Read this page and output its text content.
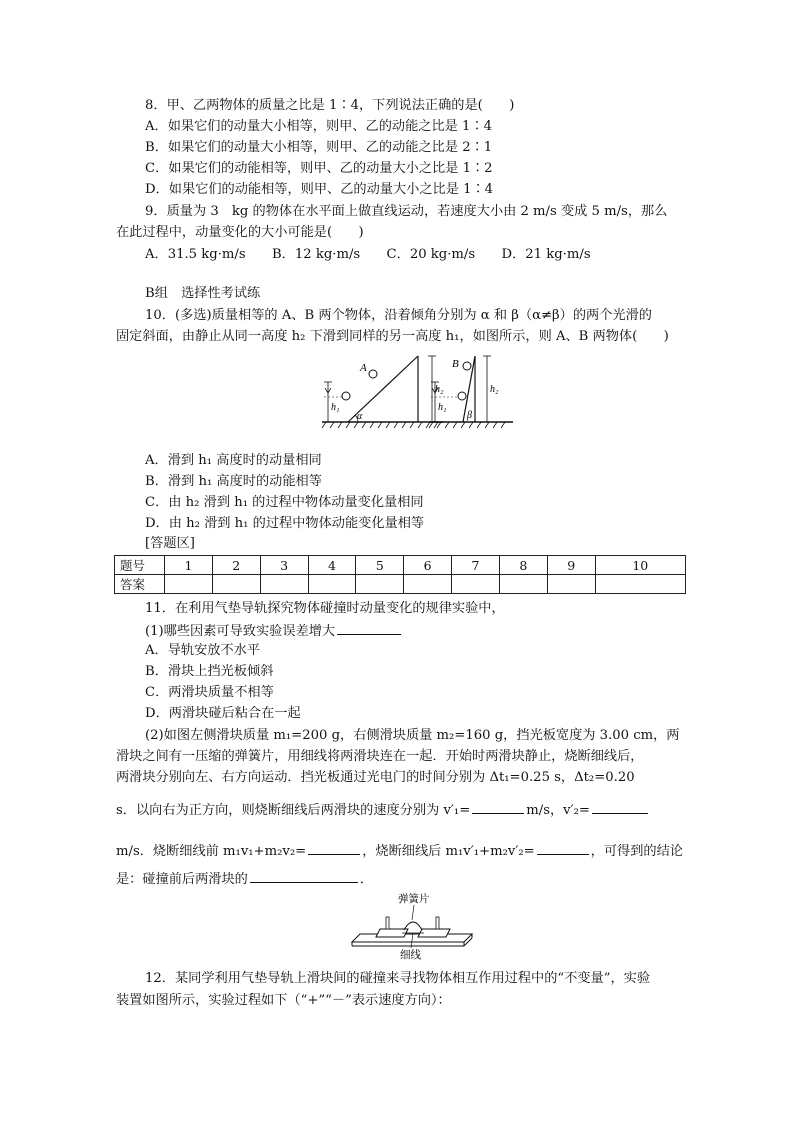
8．甲、乙两物体的质量之比是 1∶4，下列说法正确的是(　　)
A．如果它们的动量大小相等，则甲、乙的动能之比是 1∶4
B．如果它们的动量大小相等，则甲、乙的动能之比是 2∶1
C．如果它们的动能相等，则甲、乙的动量大小之比是 1∶2
D．如果它们的动能相等，则甲、乙的动量大小之比是 1∶4
9．质量为 3　kg 的物体在水平面上做直线运动，若速度大小由 2 m/s 变成 5 m/s，那么
在此过程中，动量变化的大小可能是(　　)
A．31.5 kg·m/s　　B．12 kg·m/s　　C．20 kg·m/s　　D．21 kg·m/s
B组　选择性考试练
10．(多选)质量相等的 A、B 两个物体，沿着倾角分别为 α 和 β（α≠β）的两个光滑的
固定斜面，由静止从同一高度 h₂ 下滑到同样的另一高度 h₁，如图所示，则 A、B 两物体(　　)
A
h₁
h₂
α
B
h₁
h₂
β
A．滑到 h₁ 高度时的动量相同
B．滑到 h₁ 高度时的动能相等
C．由 h₂ 滑到 h₁ 的过程中物体动量变化量相同
D．由 h₂ 滑到 h₁ 的过程中物体动能变化量相等
[答题区]
题号	1	2	3	4	5	6	7	8	9	10
答案										
11．在利用气垫导轨探究物体碰撞时动量变化的规律实验中，
(1)哪些因素可导致实验误差增大
A．导轨安放不水平
B．滑块上挡光板倾斜
C．两滑块质量不相等
D．两滑块碰后粘合在一起
(2)如图左侧滑块质量 m₁=200 g，右侧滑块质量 m₂=160 g，挡光板宽度为 3.00 cm，两
滑块之间有一压缩的弹簧片，用细线将两滑块连在一起．开始时两滑块静止，烧断细线后，
两滑块分别向左、右方向运动．挡光板通过光电门的时间分别为 Δt₁=0.25 s，Δt₂=0.20
s．以向右为正方向，则烧断细线后两滑块的速度分别为 v′₁=	m/s，v′₂=
m/s．烧断细线前 m₁v₁+m₂v₂=	，烧断细线后 m₁v′₁+m₂v′₂=	，可得到的结论
是：碰撞前后两滑块的	．
弹簧片
细线
12．某同学利用气垫导轨上滑块间的碰撞来寻找物体相互作用过程中的“不变量”，实验
装置如图所示，实验过程如下（“+”“－”表示速度方向）：
